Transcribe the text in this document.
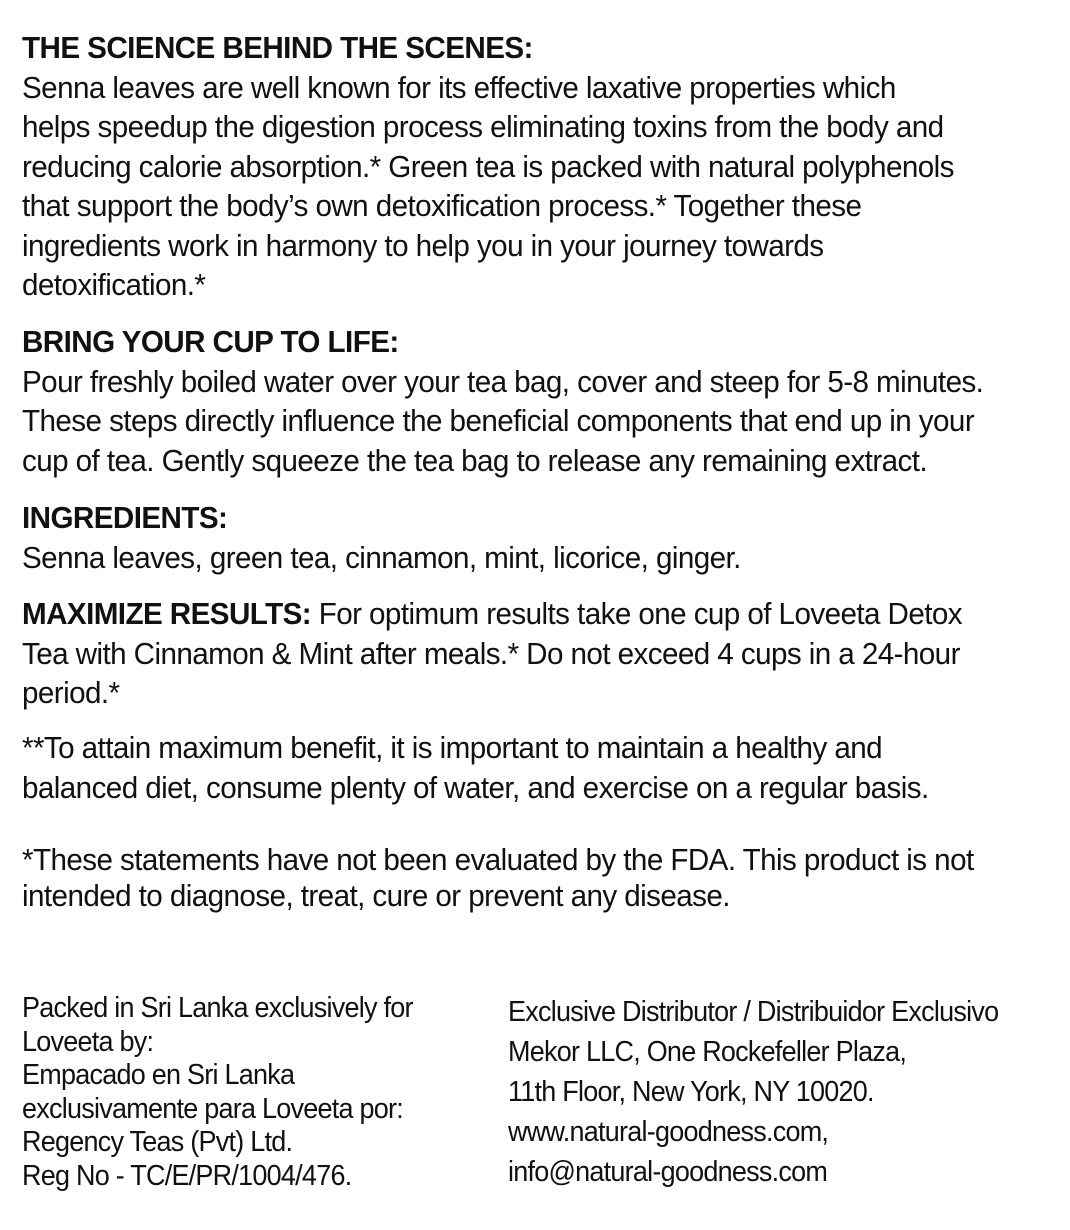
THE SCIENCE BEHIND THE SCENES:
Senna leaves are well known for its effective laxative properties which
helps speedup the digestion process eliminating toxins from the body and
reducing calorie absorption.* Green tea is packed with natural polyphenols
that support the body’s own detoxification process.* Together these
ingredients work in harmony to help you in your journey towards
detoxification.*
BRING YOUR CUP TO LIFE:
Pour freshly boiled water over your tea bag, cover and steep for 5-8 minutes.
These steps directly influence the beneficial components that end up in your
cup of tea. Gently squeeze the tea bag to release any remaining extract.
INGREDIENTS:
Senna leaves, green tea, cinnamon, mint, licorice, ginger.
MAXIMIZE RESULTS: For optimum results take one cup of Loveeta Detox
Tea with Cinnamon & Mint after meals.* Do not exceed 4 cups in a 24-hour
period.*
**To attain maximum benefit, it is important to maintain a healthy and
balanced diet, consume plenty of water, and exercise on a regular basis.
*These statements have not been evaluated by the FDA. This product is not
intended to diagnose, treat, cure or prevent any disease.
Packed in Sri Lanka exclusively for
Loveeta by:
Empacado en Sri Lanka
exclusivamente para Loveeta por:
Regency Teas (Pvt) Ltd.
Reg No - TC/E/PR/1004/476.
Exclusive Distributor / Distribuidor Exclusivo
Mekor LLC, One Rockefeller Plaza,
11th Floor, New York, NY 10020.
www.natural-goodness.com,
info@natural-goodness.com
